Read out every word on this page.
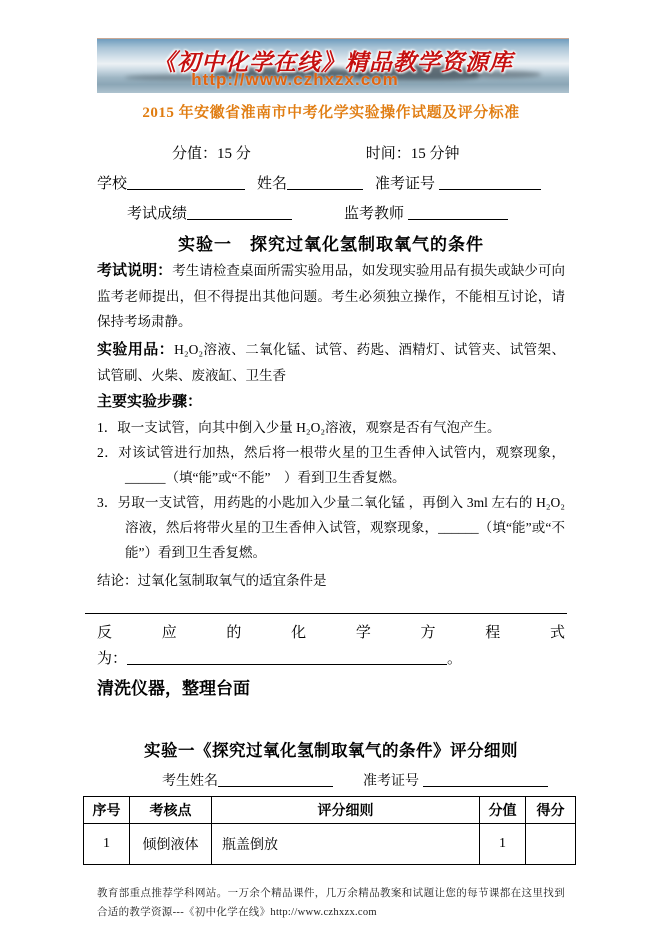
《初中化学在线》精品教学资源库
http://www.czhxzx.com
2015 年安徽省淮南市中考化学实验操作试题及评分标准
分值：15 分	时间：15 分钟
学校	姓名	准考证号
考试成绩	监考教师
实验一　探究过氧化氢制取氧气的条件

考试说明：考生请检查桌面所需实验用品，如发现实验用品有损失或缺少可向监考老师提出，但不得提出其他问题。考生必须独立操作，不能相互讨论，请保持考场肃静。

实验用品：H₂O₂溶液、二氧化锰、试管、药匙、酒精灯、试管夹、试管架、试管刷、火柴、废液缸、卫生香

主要实验步骤：

1．取一支试管，向其中倒入少量 H₂O₂溶液，观察是否有气泡产生。

2．对该试管进行加热，然后将一根带火星的卫生香伸入试管内，观察现象，______（填“能”或“不能”　）看到卫生香复燃。

3．另取一支试管，用药匙的小匙加入少量二氧化锰 ，再倒入 3ml 左右的 H₂O₂溶液，然后将带火星的卫生香伸入试管，观察现象，______（填“能”或“不能”）看到卫生香复燃。

结论：过氧化氢制取氧气的适宜条件是
反应的化学方程式
为：	。
清洗仪器，整理台面
实验一《探究过氧化氢制取氧气的条件》评分细则
考生姓名	准考证号
序号	考核点	评分细则	分值	得分
1	倾倒液体	瓶盖倒放	1	
教育部重点推荐学科网站。一万余个精品课件，几万余精品教案和试题让您的每节课都在这里找到合适的教学资源---《初中化学在线》http://www.czhxzx.com
